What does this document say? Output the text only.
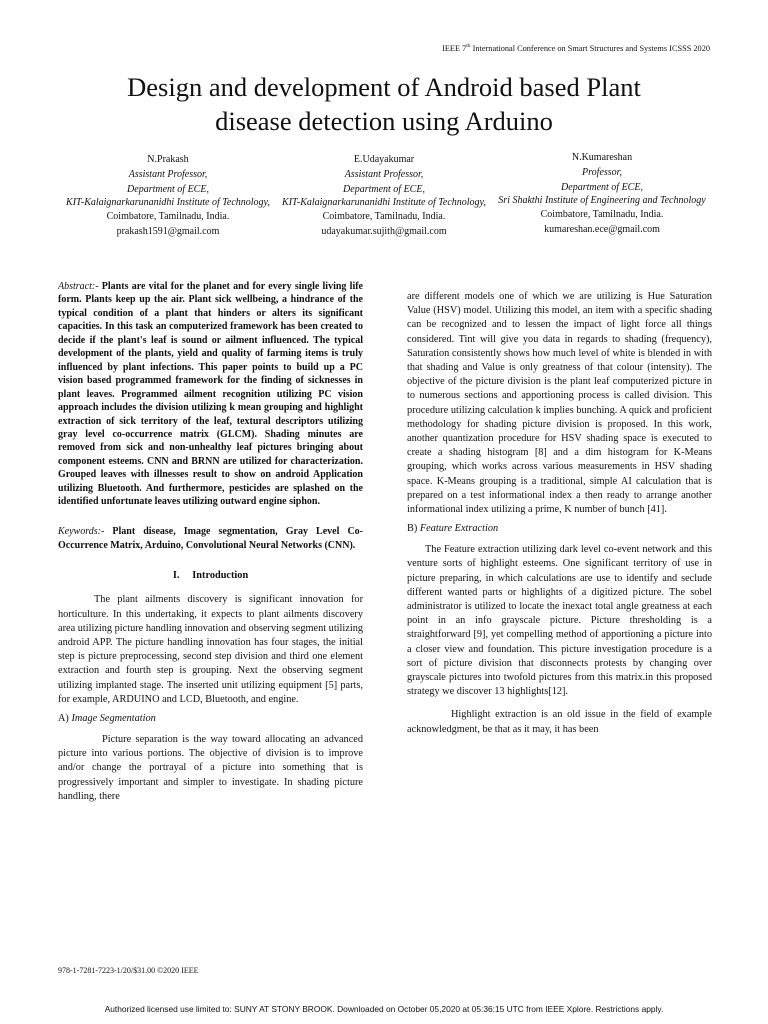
IEEE 7th International Conference on Smart Structures and Systems ICSSS 2020

Design and development of Android based Plant
disease detection using Arduino
N.Prakash
Assistant Professor,
Department of ECE,
KIT-Kalaignarkarunanidhi Institute of Technology,
Coimbatore, Tamilnadu, India.
prakash1591@gmail.com
E.Udayakumar
Assistant Professor,
Department of ECE,
KIT-Kalaignarkarunanidhi Institute of Technology,
Coimbatore, Tamilnadu, India.
udayakumar.sujith@gmail.com
N.Kumareshan
Professor,
Department of ECE,
Sri Shakthi Institute of Engineering and Technology
Coimbatore, Tamilnadu, India.
kumareshan.ece@gmail.com

Abstract:- Plants are vital for the planet and for every single living life form. Plants keep up the air. Plant sick wellbeing, a hindrance of the typical condition of a plant that hinders or alters its significant capacities. In this task an computerized framework has been created to decide if the plant's leaf is sound or ailment influenced. The typical development of the plants, yield and quality of farming items is truly influenced by plant infections. This paper points to build up a PC vision based programmed framework for the finding of sicknesses in plant leaves. Programmed ailment recognition utilizing PC vision approach includes the division utilizing k mean grouping and highlight extraction of sick territory of the leaf, textural descriptors utilizing gray level co-occurrence matrix (GLCM). Shading minutes are removed from sick and non-unhealthy leaf pictures bringing about component esteems. CNN and BRNN are utilized for characterization. Grouped leaves with illnesses result to show on android Application utilizing Bluetooth. And furthermore, pesticides are splashed on the identified unfortunate leaves utilizing outward engine siphon.

Keywords:- Plant disease, Image segmentation, Gray Level Co-Occurrence Matrix, Arduino, Convolutional Neural Networks (CNN).

I. Introduction

The plant ailments discovery is significant innovation for horticulture. In this undertaking, it expects to plant ailments discovery area utilizing picture handling innovation and observing segment utilizing android APP. The picture handling innovation has four stages, the initial step is picture preprocessing, second step division and third one element extraction and fourth step is grouping. Next the observing segment utilizing implanted stage. The inserted unit utilizing equipment [5] parts, for example, ARDUINO and LCD, Bluetooth, and engine.

A) Image Segmentation

Picture separation is the way toward allocating an advanced picture into various portions. The objective of division is to improve and/or change the portrayal of a picture into something that is progressively important and simpler to investigate. In shading picture handling, there

are different models one of which we are utilizing is Hue Saturation Value (HSV) model. Utilizing this model, an item with a specific shading can be recognized and to lessen the impact of light force all things considered. Tint will give you data in regards to shading (frequency), Saturation consistently shows how much level of white is blended in with that shading and Value is only greatness of that colour (intensity). The objective of the picture division is the plant leaf computerized picture in to numerous sections and apportioning process is called division. This procedure utilizing calculation k implies bunching. A quick and proficient methodology for shading picture division is proposed. In this work, another quantization procedure for HSV shading space is executed to create a shading histogram [8] and a dim histogram for K-Means grouping, which works across various measurements in HSV shading space. K-Means grouping is a traditional, simple AI calculation that is prepared on a test informational index a then ready to arrange another informational index utilizing a prime, K number of bunch [41].

B) Feature Extraction

The Feature extraction utilizing dark level co-event network and this venture sorts of highlight esteems. One significant territory of use in picture preparing, in which calculations are use to identify and seclude different wanted parts or highlights of a digitized picture. The sobel administrator is utilized to locate the inexact total angle greatness at each point in an info grayscale picture. Picture thresholding is a straightforward [9], yet compelling method of apportioning a picture into a closer view and foundation. This picture investigation procedure is a sort of picture division that disconnects protests by changing over grayscale pictures into twofold pictures from this matrix.in this proposed strategy we discover 13 highlights[12].

Highlight extraction is an old issue in the field of example acknowledgment, be that as it may, it has been

978-1-7281-7223-1/20/$31.00 ©2020 IEEE

Authorized licensed use limited to: SUNY AT STONY BROOK. Downloaded on October 05,2020 at 05:36:15 UTC from IEEE Xplore. Restrictions apply.
